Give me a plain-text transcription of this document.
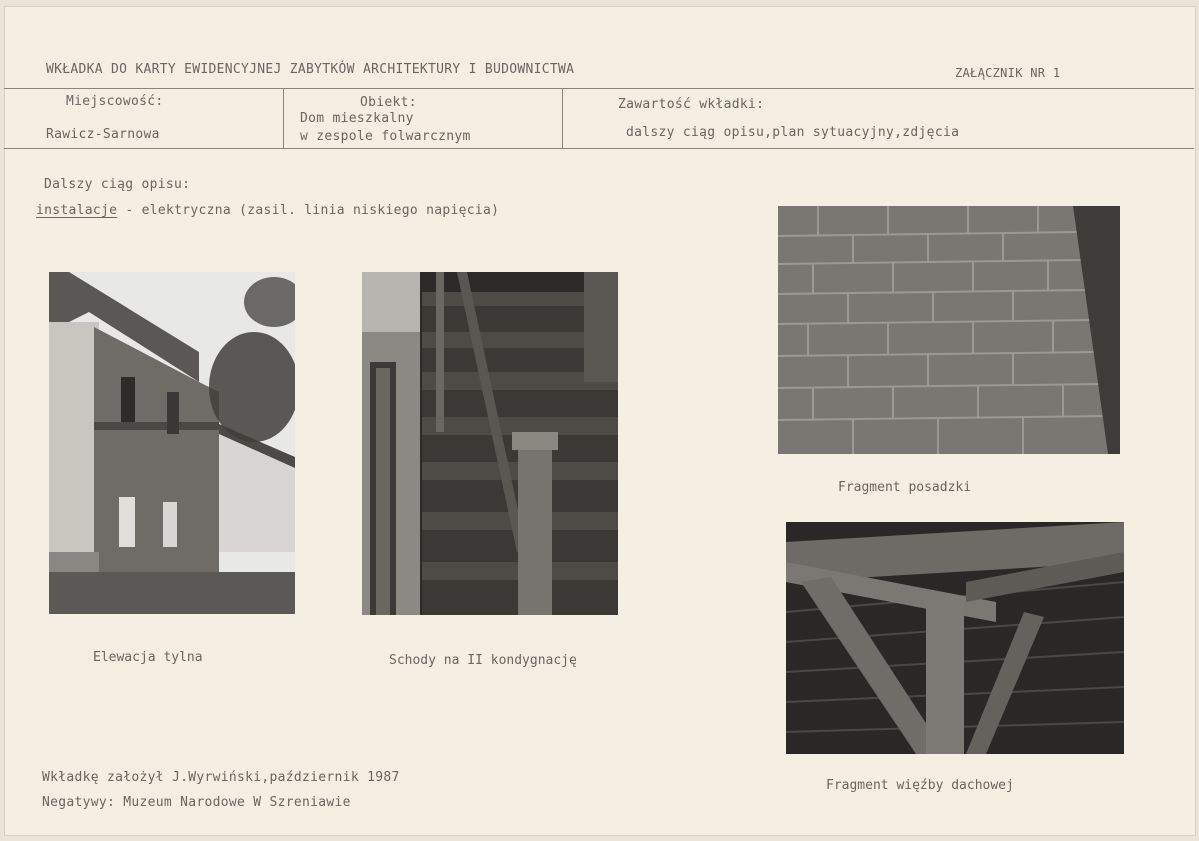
WKŁADKA DO KARTY EWIDENCYJNEJ ZABYTKÓW ARCHITEKTURY I BUDOWNICTWA	ZAŁĄCZNIK NR 1
Miejscowość:
Rawicz-Sarnowa
Obiekt:
Dom mieszkalny
w zespole folwarcznym
Zawartość wkładki:
dalszy ciąg opisu,plan sytuacyjny,zdjęcia
Dalszy ciąg opisu:
instalacje - elektryczna (zasil. linia niskiego napięcia)
Elewacja tylna	Schody na II kondygnację
Fragment posadzki
Fragment więźby dachowej
Wkładkę założył J.Wyrwiński,październik 1987
Negatywy: Muzeum Narodowe W Szreniawie
